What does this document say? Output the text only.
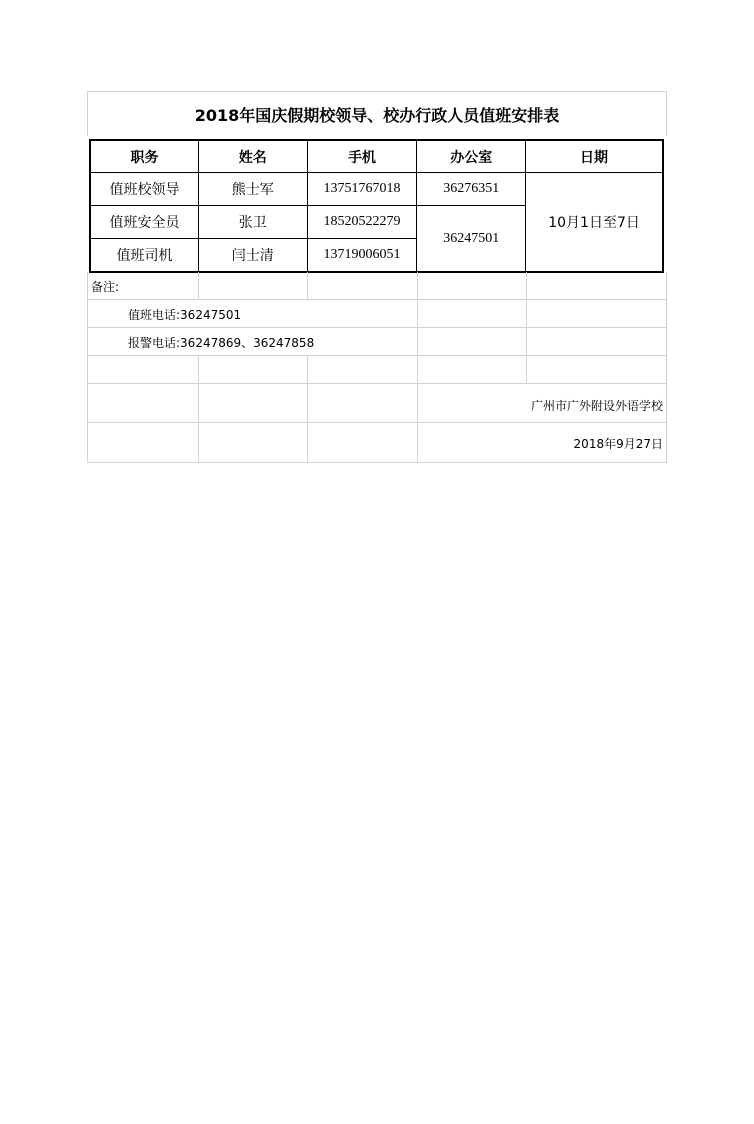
2018年国庆假期校领导、校办行政人员值班安排表
职务	姓名	手机	办公室	日期
值班校领导	熊士军	13751767018	36276351	10月1日至7日
值班安全员	张卫	18520522279	36247501	
值班司机	闫士清	13719006051		
备注:
值班电话:36247501
报警电话:36247869、36247858
广州市广外附设外语学校
2018年9月27日
